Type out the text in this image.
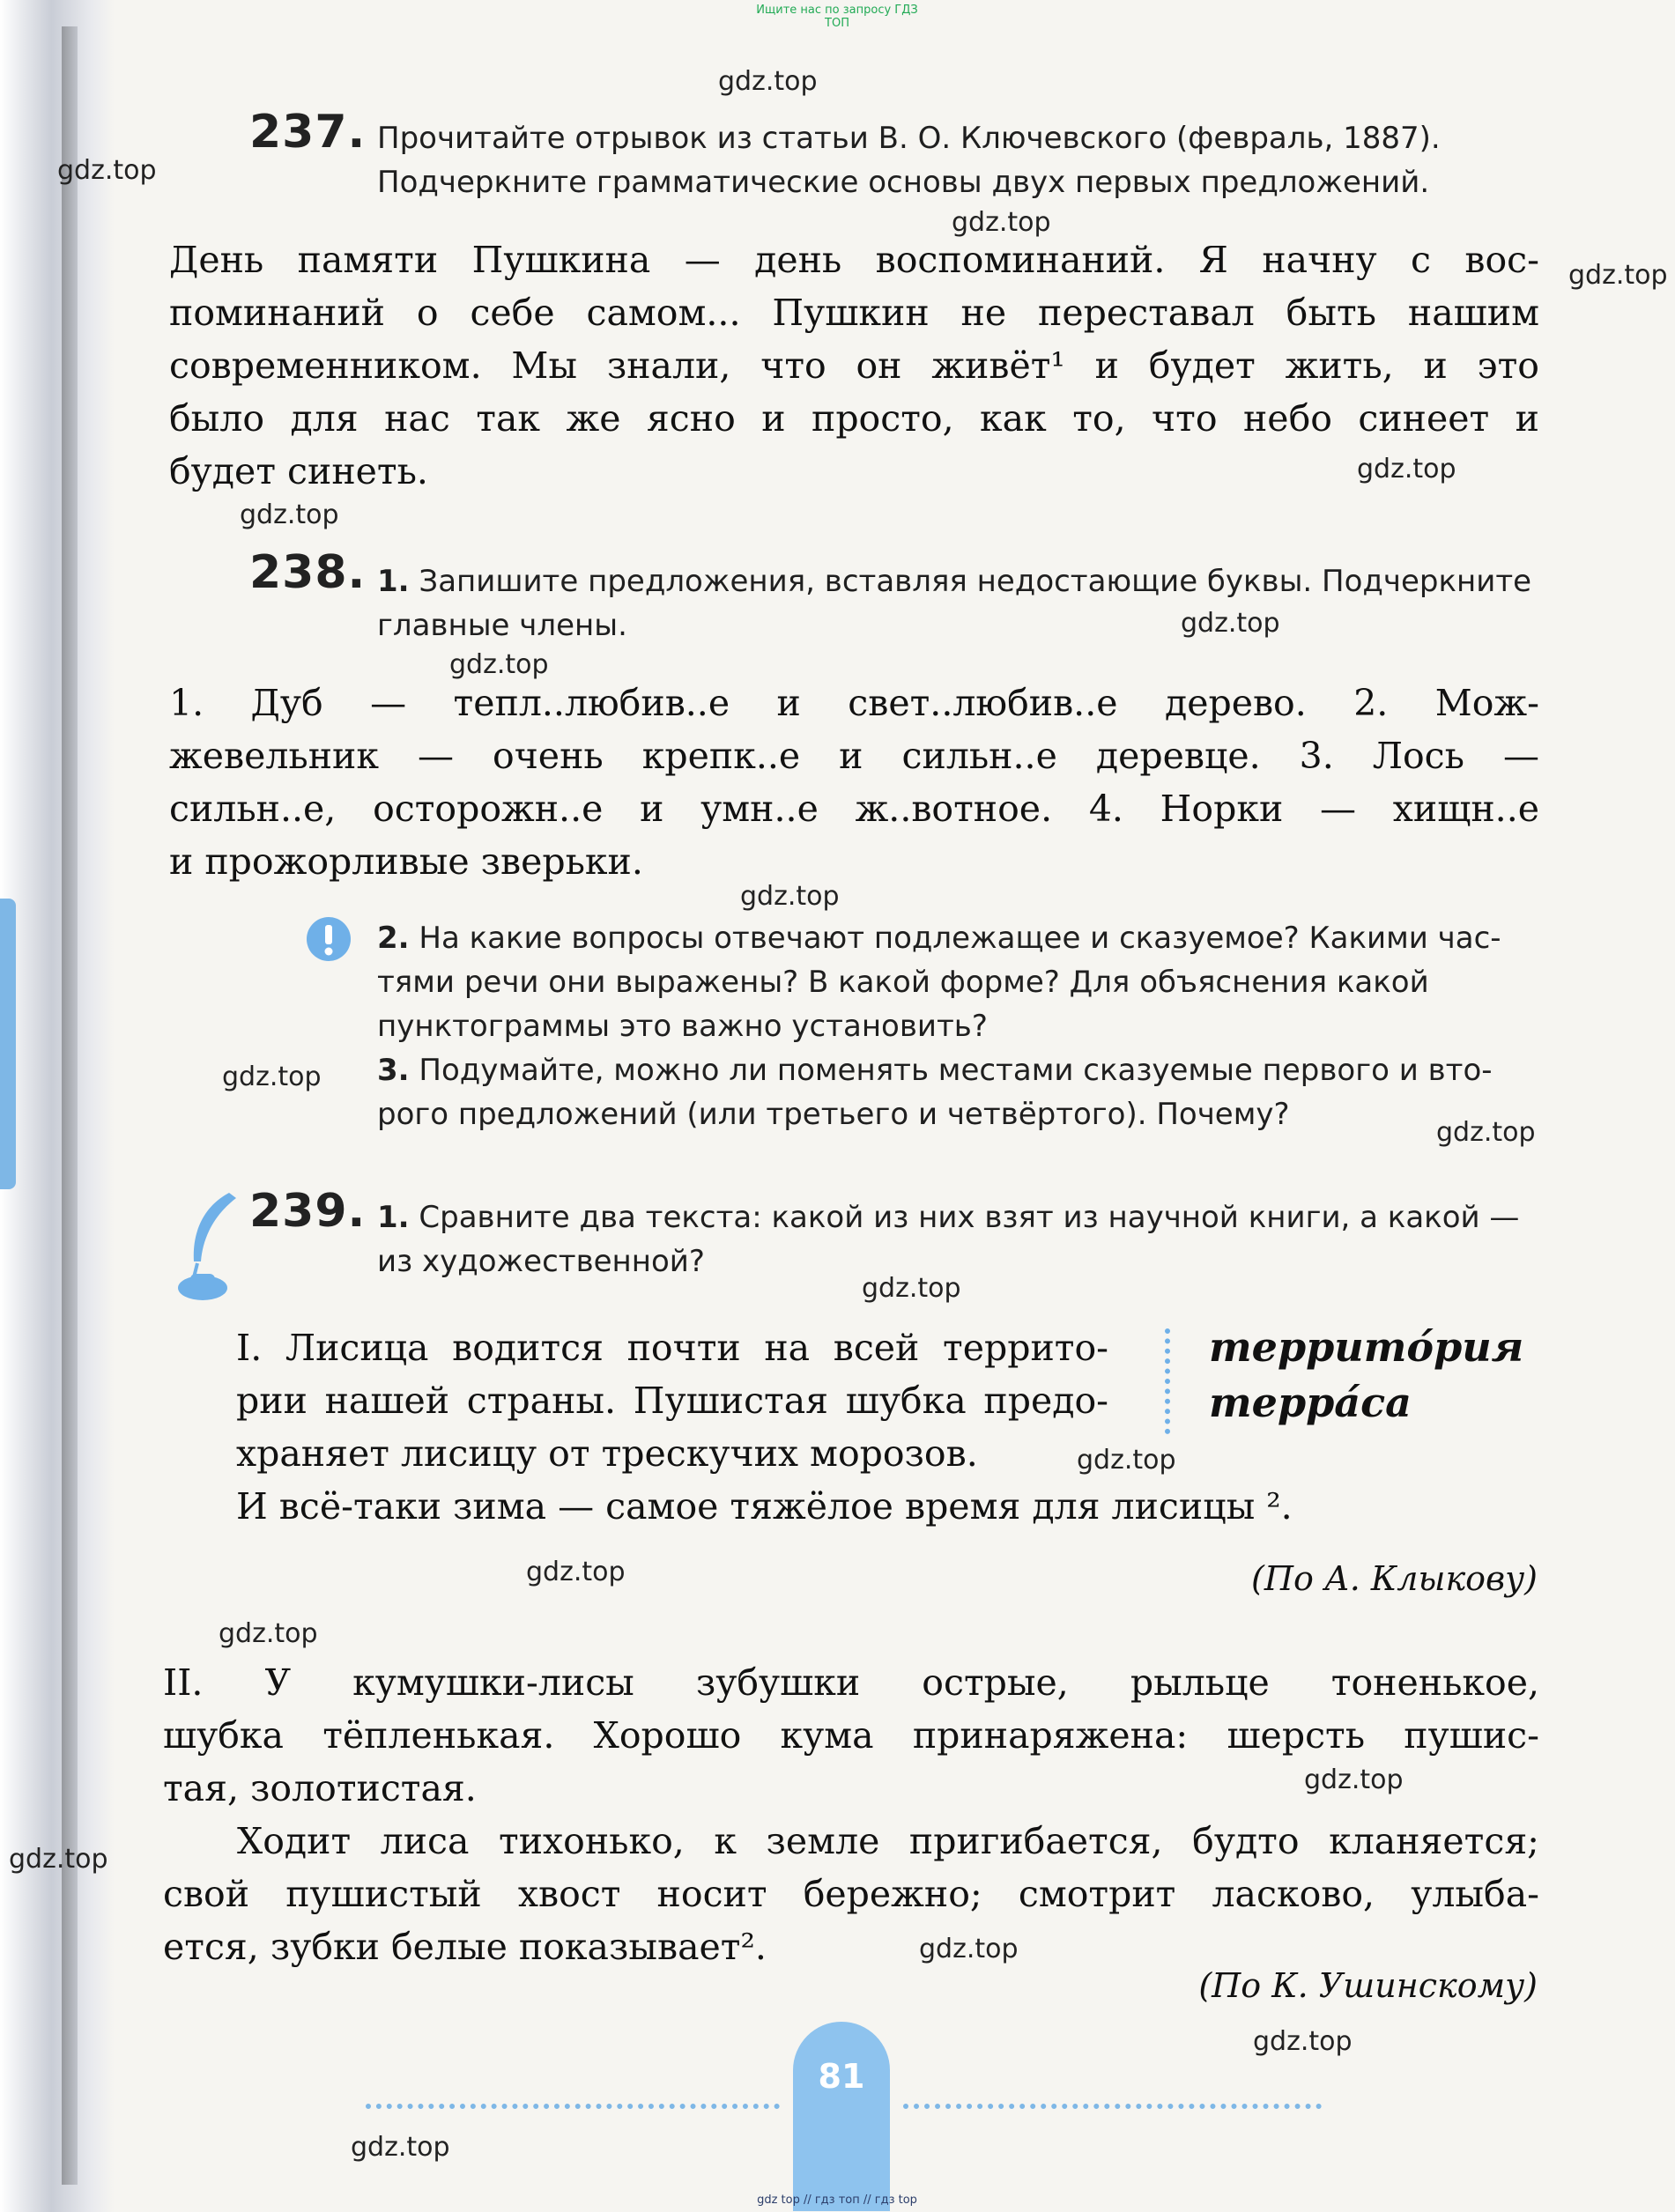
Ищите нас по запросу ГДЗ ТОП
237. Прочитайте отрывок из статьи В. О. Ключевского (февраль, 1887).
Подчеркните грамматические основы двух первых предложений.
День памяти Пушкина — день воспоминаний. Я начну с вос-
поминаний о себе самом... Пушкин не переставал быть нашим
современником. Мы знали, что он живёт¹ и будет жить, и это
было для нас так же ясно и просто, как то, что небо синеет и
будет синеть.
238. 1. Запишите предложения, вставляя недостающие буквы. Подчеркните
главные члены.
1. Дуб — тепл..любив..е и свет..любив..е дерево. 2. Мож-
жевельник — очень крепк..е и сильн..е деревце. 3. Лось —
сильн..е, осторожн..е и умн..е ж..вотное. 4. Норки — хищн..е
и прожорливые зверьки.
2. На какие вопросы отвечают подлежащее и сказуемое? Какими час-
тями речи они выражены? В какой форме? Для объяснения какой
пунктограммы это важно установить?
3. Подумайте, можно ли поменять местами сказуемые первого и вто-
рого предложений (или третьего и четвёртого). Почему?
239. 1. Сравните два текста: какой из них взят из научной книги, а какой —
из художественной?
I. Лисица водится почти на всей террито-
рии нашей страны. Пушистая шубка предо-
храняет лисицу от трескучих морозов.
И всё-таки зима — самое тяжёлое время для лисицы ².
(По А. Клыкову)
террито́рия
терра́са
II. У кумушки-лисы зубушки острые, рыльце тоненькое,
шубка тёпленькая. Хорошо кума принаряжена: шерсть пушис-
тая, золотистая.
Ходит лиса тихонько, к земле пригибается, будто кланяется;
свой пушистый хвост носит бережно; смотрит ласково, улыба-
ется, зубки белые показывает².
(По К. Ушинскому)
81
gdz top // гдз топ // гдз top
gdz.top
gdz.top
gdz.top
gdz.top
gdz.top
gdz.top
gdz.top
gdz.top
gdz.top
gdz.top
gdz.top
gdz.top
gdz.top
gdz.top
gdz.top
gdz.top
gdz.top
gdz.top
gdz.top
gdz.top
